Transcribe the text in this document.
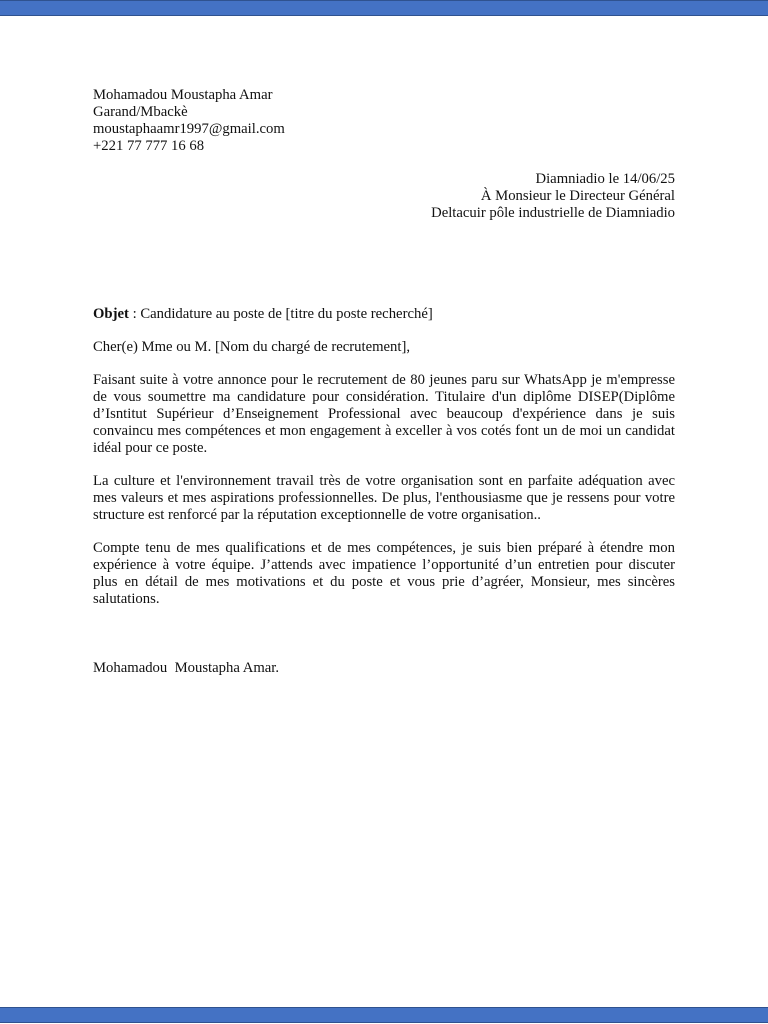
Mohamadou Moustapha Amar
Garand/Mbackè
moustaphaamr1997@gmail.com
+221 77 777 16 68
Diamniadio le 14/06/25
À Monsieur le Directeur Général
Deltacuir pôle industrielle de Diamniadio

Objet : Candidature au poste de [titre du poste recherché]

Cher(e) Mme ou M. [Nom du chargé de recrutement],

Faisant suite à votre annonce pour le recrutement de 80 jeunes paru sur WhatsApp je m'empresse de vous soumettre ma candidature pour considération. Titulaire d'un diplôme DISEP(Diplôme d’Isntitut Supérieur d’Enseignement Professional avec beaucoup d'expérience dans je suis convaincu mes compétences et mon engagement à exceller à vos cotés font un de moi un candidat idéal pour ce poste.

La culture et l'environnement travail très de votre organisation sont en parfaite adéquation avec mes valeurs et mes aspirations professionnelles. De plus, l'enthousiasme que je ressens pour votre structure est renforcé par la réputation exceptionnelle de votre organisation..

Compte tenu de mes qualifications et de mes compétences, je suis bien préparé à étendre mon expérience à votre équipe. J’attends avec impatience l’opportunité d’un entretien pour discuter plus en détail de mes motivations et du poste et vous prie d’agréer, Monsieur, mes sincères salutations.

Mohamadou  Moustapha Amar.
